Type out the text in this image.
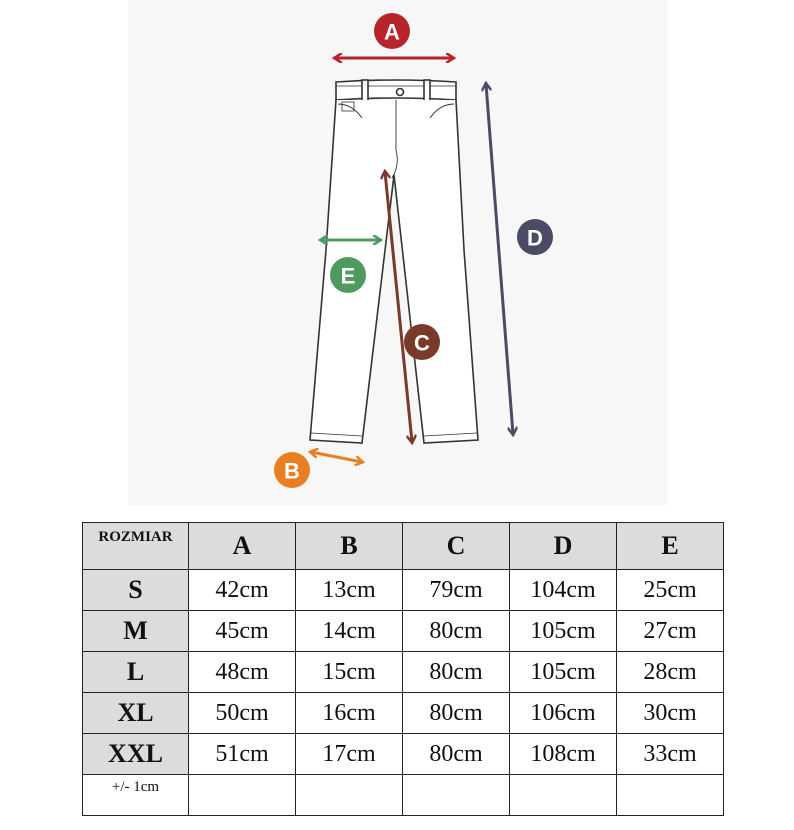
A
B
C
D
E
ROZMIAR	A	B	C	D	E
S	42cm	13cm	79cm	104cm	25cm
M	45cm	14cm	80cm	105cm	27cm
L	48cm	15cm	80cm	105cm	28cm
XL	50cm	16cm	80cm	106cm	30cm
XXL	51cm	17cm	80cm	108cm	33cm
+/- 1cm					
